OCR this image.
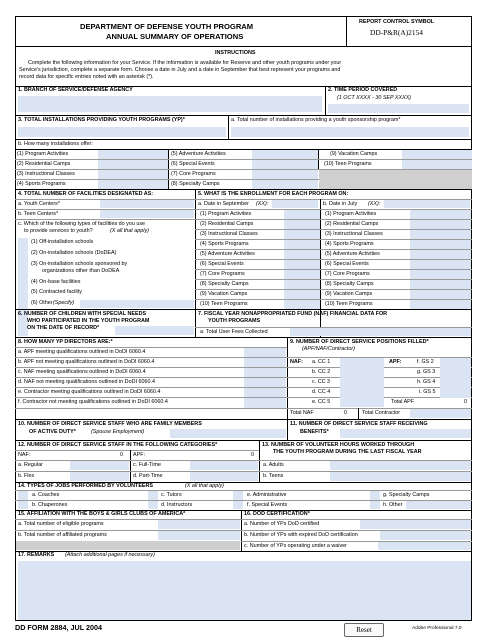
DEPARTMENT OF DEFENSE YOUTH PROGRAM
ANNUAL SUMMARY OF OPERATIONS
REPORT CONTROL SYMBOL
DD-P&R(A)2154
INSTRUCTIONS
Complete the following information for your Service. If the information is available for Reserve and other youth programs under your
Service's jurisdiction, complete a separate form. Choose a date in July and a date in September that best represent your programs and
record data for specific entries noted with an asterisk (*).
1. BRANCH OF SERVICE/DEFENSE AGENCY	2. TIME PERIOD COVERED
(1 OCT XXXX - 30 SEP XXXX)
3. TOTAL INSTALLATIONS PROVIDING YOUTH PROGRAMS (YP)*	a. Total number of installations providing a youth sponsorship program*
b. How many installations offer:
(1) Program Activities
(2) Residential Camps
(3) Instructional Classes
(4) Sports Programs
(5) Adventure Activities
(6) Special Events
(7) Core Programs
(8) Specialty Camps
(9) Vacation Camps
(10) Teen Programs
4. TOTAL NUMBER OF FACILITIES DESIGNATED AS:	5. WHAT IS THE ENROLLMENT FOR EACH PROGRAM ON:
a. Youth Centers*
b. Teen Centers*
c. Which of the following types of facilities do you use
to provide services to youth?	(X all that apply)
(1) Off-installation schools
(2) On-installation schools (DoDEA)
(3) On-installation schools sponsored by
organizations other than DoDEA
(4) On-base facilities
(5) Contracted facility
(6) Other (Specify)
a. Date in September (XX):	b. Date in July (XX):
(1) Program Activities
(2) Residential Camps
(3) Instructional Classes
(4) Sports Programs
(5) Adventure Activities
(6) Special Events
(7) Core Programs
(8) Specialty Camps
(9) Vacation Camps
(10) Teen Programs
(1) Program Activities
(2) Residential Camps
(3) Instructional Classes
(4) Sports Programs
(5) Adventure Activities
(6) Special Events
(7) Core Programs
(8) Specialty Camps
(9) Vacation Camps
(10) Teen Programs
6. NUMBER OF CHILDREN WITH SPECIAL NEEDS
WHO PARTICIPATED IN THE YOUTH PROGRAM
ON THE DATE OF RECORD*
7. FISCAL YEAR NONAPPROPRIATED FUND (NAF) FINANCIAL DATA FOR
YOUTH PROGRAMS
a. Total User Fees Collected
8. HOW MANY YP DIRECTORS ARE:*	9. NUMBER OF DIRECT SERVICE POSITIONS FILLED*
(APF/NAF/Contractor)
a. APF meeting qualifications outlined in DoDI 6060.4
b. APF not meeting qualifications outlined in DoDI 6060.4
c. NAF meeting qualifications outlined in DoDI 6060.4
d. NAF not meeting qualifications outlined in DoDI 6060.4
e. Contractor meeting qualifications outlined in DoDI 6060.4
f. Contractor not meeting qualifications outlined in DoDI 6060.4
NAF: a. CC 1
b. CC 2
c. CC 3
d. CC 4
e. CC 5
APF:	f. GS 2
g. GS 3
h. GS 4
i. GS 5
Total APF	0
Total NAF	0	Total Contractor
10. NUMBER OF DIRECT SERVICE STAFF WHO ARE FAMILY MEMBERS
OF ACTIVE DUTY*	(Spouse Employment)
11. NUMBER OF DIRECT SERVICE STAFF RECEIVING
BENEFITS*
12. NUMBER OF DIRECT SERVICE STAFF IN THE FOLLOWING CATEGORIES*	13. NUMBER OF VOLUNTEER HOURS WORKED THROUGH
THE YOUTH PROGRAM DURING THE LAST FISCAL YEAR
NAF:	0 APF:	0
a. Regular	c. Full-Time	a. Adults
b. Flex	d. Part-Time	b. Teens
14. TYPES OF JOBS PERFORMED BY VOLUNTEERS	(X all that apply)
a. Coaches
b. Chaperones
c. Tutors
d. Instructors
e. Administrative
f. Special Events
g. Specialty Camps
h. Other
15. AFFILIATION WITH THE BOYS & GIRLS CLUBS OF AMERICA*	16. DOD CERTIFICATION*
a. Total number of eligible programs	a. Number of YPs DoD certified
b. Total number of affiliated programs	b. Number of YPs with expired DoD certification
c. Number of YPs operating under a waiver
17. REMARKS (Attach additional pages if necessary)
DD FORM 2884, JUL 2004	Reset	Adobe Professional 7.0
